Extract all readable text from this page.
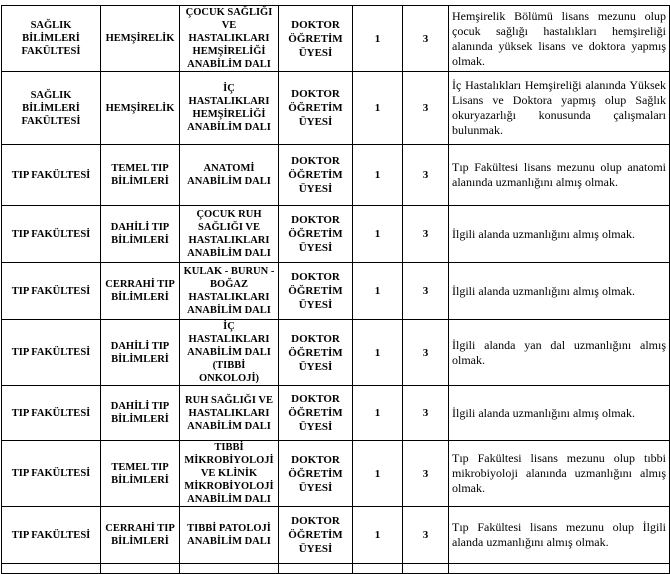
SAĞLIK BİLİMLERİ FAKÜLTESİ	HEMŞİRELİK	ÇOCUK SAĞLIĞI VE HASTALIKLARI HEMŞİRELİĞİ ANABİLİM DALI	DOKTOR ÖĞRETİM ÜYESİ	1	3	Hemşirelik Bölümü lisans mezunu olup çocuk sağlığı hastalıkları hemşireliği alanında yüksek lisans ve doktora yapmış olmak.
SAĞLIK BİLİMLERİ FAKÜLTESİ	HEMŞİRELİK	İÇ HASTALIKLARI HEMŞİRELİĞİ ANABİLİM DALI	DOKTOR ÖĞRETİM ÜYESİ	1	3	İç Hastalıkları Hemşireliği alanında Yüksek Lisans ve Doktora yapmış olup Sağlık okuryazarlığı konusunda çalışmaları bulunmak.
TIP FAKÜLTESİ	TEMEL TIP BİLİMLERİ	ANATOMİ ANABİLİM DALI	DOKTOR ÖĞRETİM ÜYESİ	1	3	Tıp Fakültesi lisans mezunu olup anatomi alanında uzmanlığını almış olmak.
TIP FAKÜLTESİ	DAHİLİ TIP BİLİMLERİ	ÇOCUK RUH SAĞLIĞI VE HASTALIKLARI ANABİLİM DALI	DOKTOR ÖĞRETİM ÜYESİ	1	3	İlgili alanda uzmanlığını almış olmak.
TIP FAKÜLTESİ	CERRAHİ TIP BİLİMLERİ	KULAK - BURUN - BOĞAZ HASTALIKLARI ANABİLİM DALI	DOKTOR ÖĞRETİM ÜYESİ	1	3	İlgili alanda uzmanlığını almış olmak.
TIP FAKÜLTESİ	DAHİLİ TIP BİLİMLERİ	İÇ HASTALIKLARI ANABİLİM DALI (TIBBİ ONKOLOJİ)	DOKTOR ÖĞRETİM ÜYESİ	1	3	İlgili alanda yan dal uzmanlığını almış olmak.
TIP FAKÜLTESİ	DAHİLİ TIP BİLİMLERİ	RUH SAĞLIĞI VE HASTALIKLARI ANABİLİM DALI	DOKTOR ÖĞRETİM ÜYESİ	1	3	İlgili alanda uzmanlığını almış olmak.
TIP FAKÜLTESİ	TEMEL TIP BİLİMLERİ	TIBBİ MİKROBİYOLOJİ VE KLİNİK MİKROBİYOLOJİ ANABİLİM DALI	DOKTOR ÖĞRETİM ÜYESİ	1	3	Tıp Fakültesi lisans mezunu olup tıbbi mikrobiyoloji alanında uzmanlığını almış olmak.
TIP FAKÜLTESİ	CERRAHİ TIP BİLİMLERİ	TIBBİ PATOLOJİ ANABİLİM DALI	DOKTOR ÖĞRETİM ÜYESİ	1	3	Tıp Fakültesi lisans mezunu olup İlgili alanda uzmanlığını almış olmak.
